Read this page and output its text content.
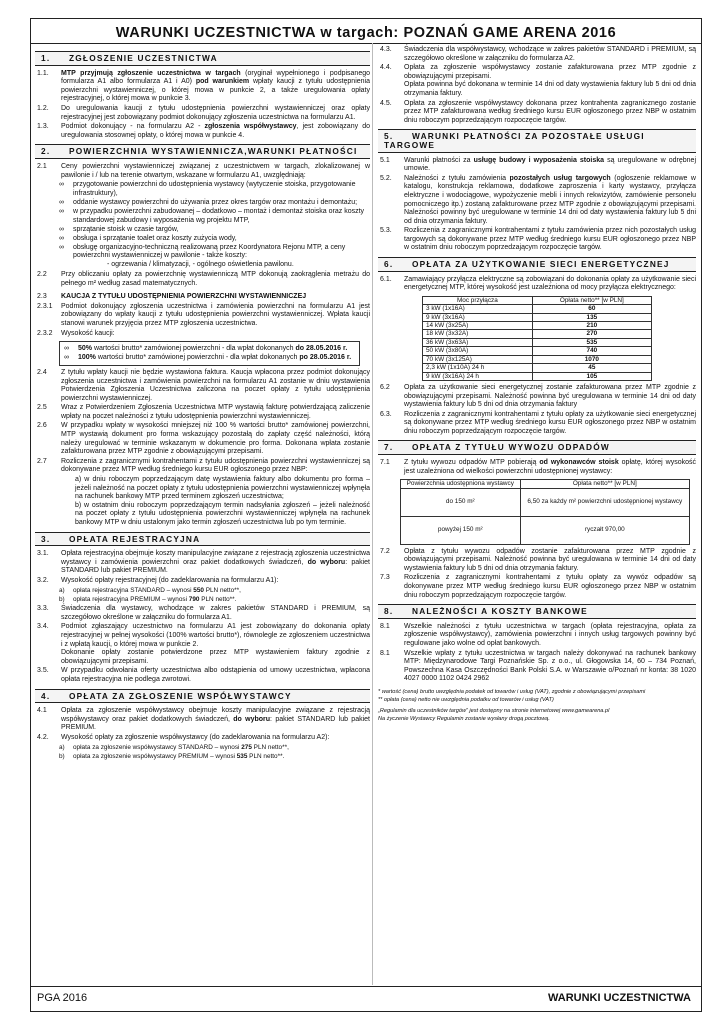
WARUNKI UCZESTNICTWA w targach: POZNAŃ GAME ARENA 2016
1. ZGŁOSZENIE UCZESTNICTWA
1.1.	MTP przyjmują zgłoszenie uczestnictwa w targach (oryginał wypełnionego i podpisanego formularza A1 albo formularza A1 i A0) pod warunkiem wpłaty kaucji z tytułu udostępnienia powierzchni wystawienniczej, o której mowa w punkcie 2, a także uregulowania opłaty rejestracyjnej, o której mowa w punkcie 3.
1.2.	Do uregulowania kaucji z tytułu udostępnienia powierzchni wystawienniczej oraz opłaty rejestracyjnej jest zobowiązany podmiot dokonujący zgłoszenia uczestnictwa na formularzu A1.
1.3.	Podmiot dokonujący - na formularzu A2 - zgłoszenia współwystawcy, jest zobowiązany do uregulowania stosownej opłaty, o której mowa w punkcie 4.
2. POWIERZCHNIA WYSTAWIENNICZA,WARUNKI PŁATNOŚCI
2.1	Ceny powierzchni wystawienniczej związanej z uczestnictwem w targach, zlokalizowanej w pawilonie i / lub na terenie otwartym, wskazane w formularzu A1, uwzględniają:
∞	przygotowanie powierzchni do udostępnienia wystawcy (wytyczenie stoiska, przygotowanie infrastruktury),
∞	oddanie wystawcy powierzchni do używania przez okres targów oraz montażu i demontażu;
∞	w przypadku powierzchni zabudowanej – dodatkowo – montaż i demontaż stoiska oraz koszty standardowej zabudowy i wyposażenia wg projektu MTP,
∞	sprzątanie stoisk w czasie targów,
∞	obsługa i sprzątanie toalet oraz koszty zużycia wody,
∞	obsługę organizacyjno-techniczną realizowaną przez Koordynatora Rejonu MTP, a ceny powierzchni wystawienniczej w pawilonie - także koszty:
- ogrzewania / klimatyzacji, - ogólnego oświetlenia pawilonu.
2.2	Przy obliczaniu opłaty za powierzchnię wystawienniczą MTP dokonują zaokrąglenia metrażu do pełnego m² według zasad matematycznych.
2.3	KAUCJA Z TYTUŁU UDOSTĘPNIENIA POWIERZCHNI WYSTAWIENNICZEJ
2.3.1	Podmiot dokonujący zgłoszenia uczestnictwa i zamówienia powierzchni na formularzu A1 jest zobowiązany do wpłaty kaucji z tytułu udostępnienia powierzchni wystawienniczej. Wpłata kaucji stanowi warunek przyjęcia przez MTP zgłoszenia uczestnictwa.
2.3.2	Wysokość kaucji:
∞	50% wartości brutto* zamówionej powierzchni - dla wpłat dokonanych do 28.05.2016 r.
∞	100% wartości brutto* zamówionej powierzchni - dla wpłat dokonanych po 28.05.2016 r.
2.4	Z tytułu wpłaty kaucji nie będzie wystawiona faktura. Kaucja wpłacona przez podmiot dokonujący zgłoszenia uczestnictwa i zamówienia powierzchni na formularzu A1 zostanie w dniu wystawienia Potwierdzenia Zgłoszenia Uczestnictwa zaliczona na poczet opłaty z tytułu udostępnienia powierzchni wystawienniczej.
2.5	Wraz z Potwierdzeniem Zgłoszenia Uczestnictwa MTP wystawią fakturę potwierdzającą zaliczenie wpłaty na poczet należności z tytułu udostępnienia powierzchni wystawienniczej.
2.6	W przypadku wpłaty w wysokości mniejszej niż 100 % wartości brutto* zamówionej powierzchni, MTP wystawią dokument pro forma wskazujący pozostałą do zapłaty część należności, którą należy uregulować w terminie wskazanym w dokumencie pro forma. Dokonana wpłata zostanie zafakturowana przez MTP zgodnie z obowiązującymi przepisami.
2.7	Rozliczenia z zagranicznymi kontrahentami z tytułu udostępnienia powierzchni wystawienniczej są dokonywane przez MTP według średniego kursu EUR ogłoszonego przez NBP:
a) w dniu roboczym poprzedzającym datę wystawienia faktury albo dokumentu pro forma – jeżeli należność na poczet opłaty z tytułu udostępnienia powierzchni wystawienniczej wpłynęła na rachunek bankowy MTP przed terminem zgłoszeń uczestnictwa;
b) w ostatnim dniu roboczym poprzedzającym termin nadsyłania zgłoszeń – jeżeli należność na poczet opłaty z tytułu udostępnienia powierzchni wystawienniczej wpłynęła na rachunek bankowy MTP w dniu ustalonym jako termin zgłoszeń uczestnictwa lub po tym terminie.
3. OPŁATA REJESTRACYJNA
3.1.	Opłata rejestracyjna obejmuje koszty manipulacyjne związane z rejestracją zgłoszenia uczestnictwa wystawcy i zamówienia powierzchni oraz pakiet dodatkowych świadczeń, do wyboru: pakiet STANDARD lub pakiet PREMIUM.
3.2.	Wysokość opłaty rejestracyjnej (do zadeklarowania na formularzu A1):
a)	opłata rejestracyjna STANDARD – wynosi 550 PLN netto**,
b)	opłata rejestracyjna PREMIUM – wynosi 790 PLN netto**.
3.3.	Świadczenia dla wystawcy, wchodzące w zakres pakietów STANDARD i PREMIUM, są szczegółowo określone w załączniku do formularza A1.
3.4.	Podmiot zgłaszający uczestnictwo na formularzu A1 jest zobowiązany do dokonania opłaty rejestracyjnej w pełnej wysokości (100% wartości brutto*), równolegle ze zgłoszeniem uczestnictwa i z wpłatą kaucji, o której mowa w punkcie 2.
Dokonanie opłaty zostanie potwierdzone przez MTP wystawieniem faktury zgodnie z obowiązującymi przepisami.
3.5.	W przypadku odwołania oferty uczestnictwa albo odstąpienia od umowy uczestnictwa, wpłacona opłata rejestracyjna nie podlega zwrotowi.
4. OPŁATA ZA ZGŁOSZENIE WSPÓŁWYSTAWCY
4.1	Opłata za zgłoszenie współwystawcy obejmuje koszty manipulacyjne związane z rejestracją współwystawcy oraz pakiet dodatkowych świadczeń, do wyboru: pakiet STANDARD lub pakiet PREMIUM.
4.2.	Wysokość opłaty za zgłoszenie współwystawcy (do zadeklarowania na formularzu A2):
a)	opłata za zgłoszenie współwystawcy STANDARD – wynosi 275 PLN netto**,
b)	opłata za zgłoszenie współwystawcy PREMIUM – wynosi 535 PLN netto**.
4.3.	Świadczenia dla współwystawcy, wchodzące w zakres pakietów STANDARD i PREMIUM, są szczegółowo określone w załączniku do formularza A2.
4.4.	Opłata za zgłoszenie współwystawcy zostanie zafakturowana przez MTP zgodnie z obowiązującymi przepisami.
Opłata powinna być dokonana w terminie 14 dni od daty wystawienia faktury lub 5 dni od dnia otrzymania faktury.
4.5.	Opłata za zgłoszenie współwystawcy dokonana przez kontrahenta zagranicznego zostanie przez MTP zafakturowana według średniego kursu EUR ogłoszonego przez NBP w ostatnim dniu roboczym poprzedzającym rozpoczęcie targów.
5. WARUNKI PŁATNOŚCI ZA POZOSTAŁE USŁUGI TARGOWE
5.1	Warunki płatności za usługę budowy i wyposażenia stoiska są uregulowane w odrębnej umowie.
5.2.	Należności z tytułu zamówienia pozostałych usług targowych (ogłoszenie reklamowe w katalogu, konstrukcja reklamowa, dodatkowe zaproszenia i karty wystawcy, przyłącza elektryczne i wodociągowe, wypożyczenie mebli i innych rekwizytów, zamówienie personelu pomocniczego itp.) zostaną zafakturowane przez MTP zgodnie z obowiązującymi przepisami. Należności powinny być uregulowane w terminie 14 dni od daty wystawienia faktury lub 5 dni od dnia otrzymania faktury.
5.3.	Rozliczenia z zagranicznymi kontrahentami z tytułu zamówienia przez nich pozostałych usług targowych są dokonywane przez MTP według średniego kursu EUR ogłoszonego przez NBP w ostatnim dniu roboczym poprzedzającym rozpoczęcie targów.
6. OPŁATA ZA UŻYTKOWANIE SIECI ENERGETYCZNEJ
6.1.	Zamawiający przyłącza elektryczne są zobowiązani do dokonania opłaty za użytkowanie sieci energetycznej MTP, której wysokość jest uzależniona od mocy przyłącza elektrycznego:
Moc przyłącza	Opłata netto** [w PLN]
3 kW (1x16A)	60
9 kW (3x16A)	135
14 kW (3x25A)	210
18 kW (3x32A)	270
36 kW (3x63A)	535
50 kW (3x80A)	740
70 kW (3x125A)	1070
2,3 kW (1x10A) 24 h	45
9 kW (3x16A) 24 h	105
6.2	Opłata za użytkowanie sieci energetycznej zostanie zafakturowana przez MTP zgodnie z obowiązującymi przepisami. Należność powinna być uregulowana w terminie 14 dni od daty wystawienia faktury lub 5 dni od dnia otrzymania faktury
6.3.	Rozliczenia z zagranicznymi kontrahentami z tytułu opłaty za użytkowanie sieci energetycznej są dokonywane przez MTP według średniego kursu EUR ogłoszonego przez NBP w ostatnim dniu roboczym poprzedzającym rozpoczęcie targów.
7. OPŁATA Z TYTUŁU WYWOZU ODPADÓW
7.1	Z tytułu wywozu odpadów MTP pobierają od wykonawców stoisk opłatę, której wysokość jest uzależniona od wielkości powierzchni udostępnionej wystawcy:
Powierzchnia udostępniona wystawcy	Opłata netto** [w PLN]
do 150 m²	6,50 za każdy m² powierzchni udostępnionej wystawcy
powyżej 150 m²	ryczałt 970,00
7.2	Opłata z tytułu wywozu odpadów zostanie zafakturowana przez MTP zgodnie z obowiązującymi przepisami. Należność powinna być uregulowana w terminie 14 dni od daty wystawienia faktury lub 5 dni od dnia otrzymania faktury.
7.3	Rozliczenia z zagranicznymi kontrahentami z tytułu opłaty za wywóz odpadów są dokonywane przez MTP według średniego kursu EUR ogłoszonego przez NBP w ostatnim dniu roboczym poprzedzającym rozpoczęcie targów.
8. NALEŻNOŚCI A KOSZTY BANKOWE
8.1	Wszelkie należności z tytułu uczestnictwa w targach (opłata rejestracyjna, opłata za zgłoszenie współwystawcy), zamówienia powierzchni i innych usług targowych powinny być regulowane jako wolne od opłat bankowych.
8.1	Wszelkie wpłaty z tytułu uczestnictwa w targach należy dokonywać na rachunek bankowy MTP: Międzynarodowe Targi Poznańskie Sp. z o.o., ul. Głogowska 14, 60 – 734 Poznań, Powszechna Kasa Oszczędności Bank Polski S.A. w Warszawie o/Poznań nr konta: 38 1020 4027 0000 1102 0424 2962
* wartość (cena) brutto uwzględnia podatek od towarów i usług (VAT), zgodnie z obowiązującymi przepisami
** opłata (cena) netto nie uwzględnia podatku od towarów i usług (VAT)
„Regulamin dla uczestników targów” jest dostępny na stronie internetowej www.gamearena.pl
Na życzenie Wystawcy Regulamin zostanie wysłany drogą pocztową.
PGA 2016	WARUNKI UCZESTNICTWA
